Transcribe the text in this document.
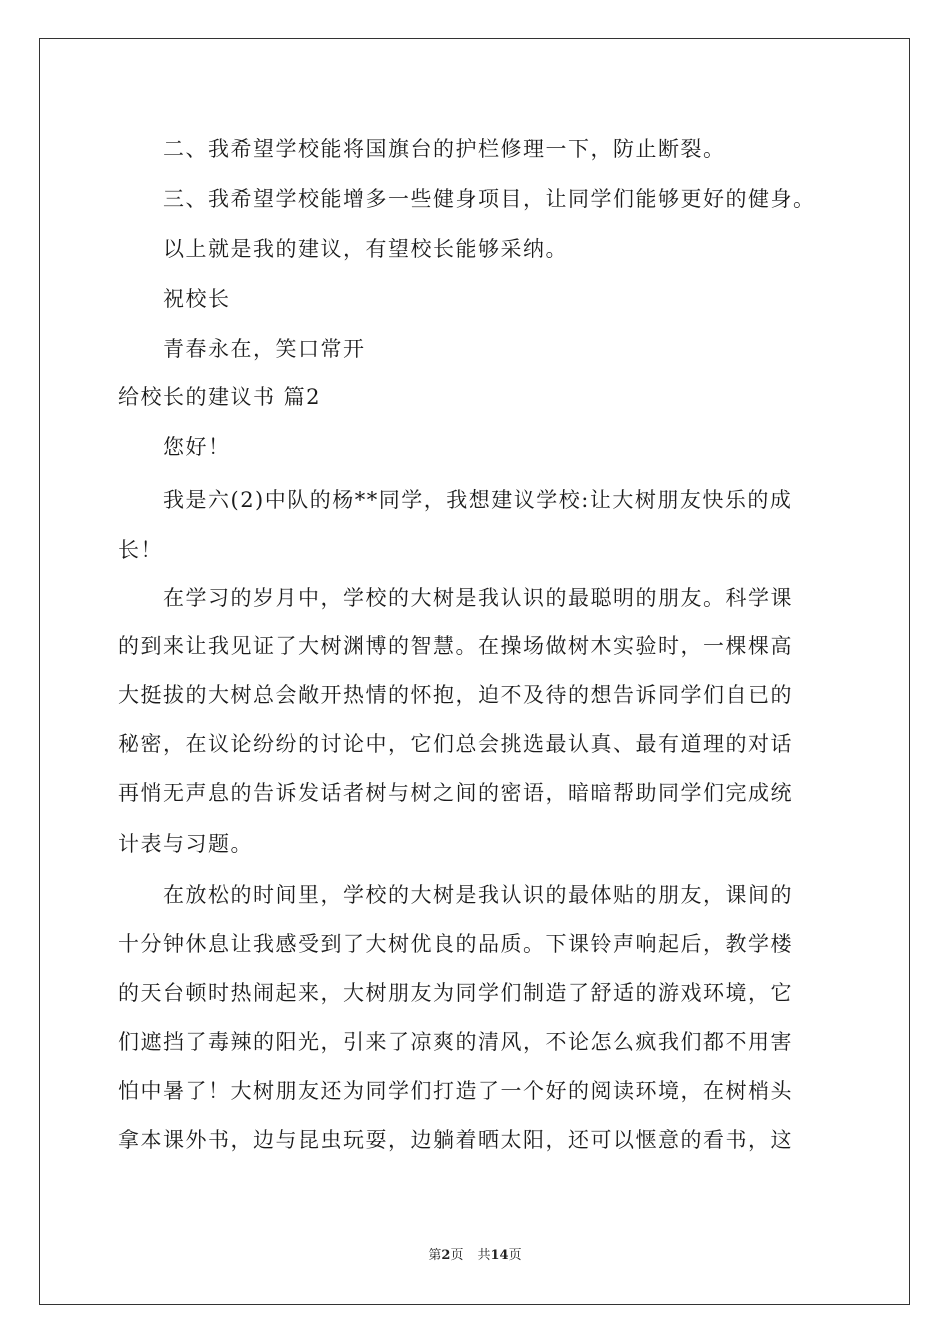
二、我希望学校能将国旗台的护栏修理一下，防止断裂。
三、我希望学校能增多一些健身项目，让同学们能够更好的健身。
以上就是我的建议，有望校长能够采纳。
祝校长
青春永在，笑口常开
给校长的建议书 篇2
您好！
我是六(2)中队的杨**同学，我想建议学校:让大树朋友快乐的成
长！
在学习的岁月中，学校的大树是我认识的最聪明的朋友。科学课
的到来让我见证了大树渊博的智慧。在操场做树木实验时，一棵棵高
大挺拔的大树总会敞开热情的怀抱，迫不及待的想告诉同学们自已的
秘密，在议论纷纷的讨论中，它们总会挑选最认真、最有道理的对话
再悄无声息的告诉发话者树与树之间的密语，暗暗帮助同学们完成统
计表与习题。
在放松的时间里，学校的大树是我认识的最体贴的朋友，课间的
十分钟休息让我感受到了大树优良的品质。下课铃声响起后，教学楼
的天台顿时热闹起来，大树朋友为同学们制造了舒适的游戏环境，它
们遮挡了毒辣的阳光，引来了凉爽的清风，不论怎么疯我们都不用害
怕中暑了！大树朋友还为同学们打造了一个好的阅读环境，在树梢头
拿本课外书，边与昆虫玩耍，边躺着晒太阳，还可以惬意的看书，这
第2页 共14页
